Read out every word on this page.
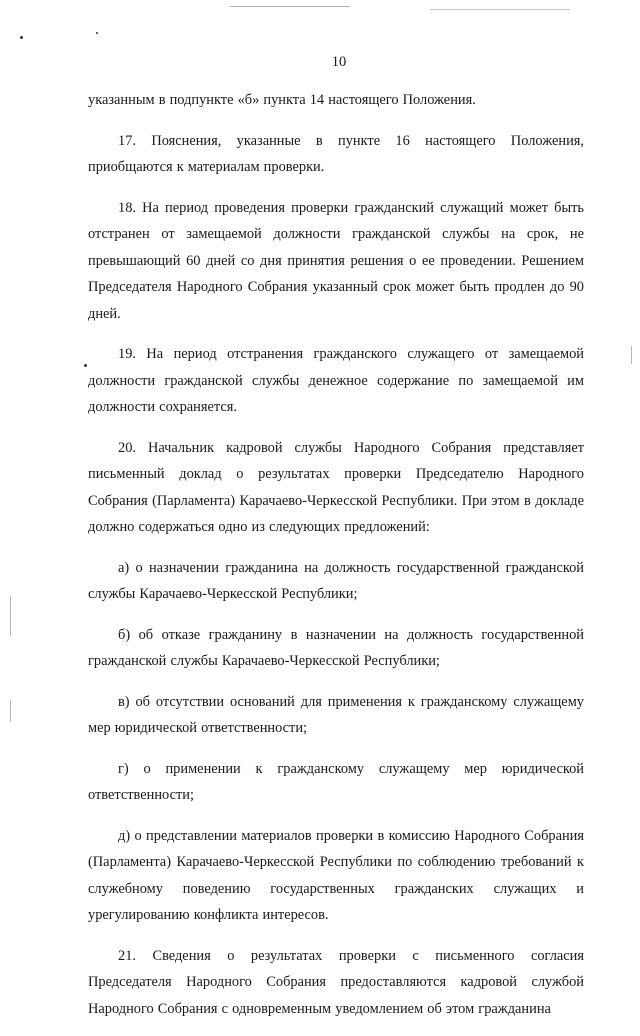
10

указанным в подпункте «б» пункта 14 настоящего Положения.

17. Пояснения, указанные в пункте 16 настоящего Положения, приобщаются к материалам проверки.

18. На период проведения проверки гражданский служащий может быть отстранен от замещаемой должности гражданской службы на срок, не превышающий 60 дней со дня принятия решения о ее проведении. Решением Председателя Народного Собрания указанный срок может быть продлен до 90 дней.

19. На период отстранения гражданского служащего от замещаемой должности гражданской службы денежное содержание по замещаемой им должности сохраняется.

20. Начальник кадровой службы Народного Собрания представляет письменный доклад о результатах проверки Председателю Народного Собрания (Парламента) Карачаево-Черкесской Республики. При этом в докладе должно содержаться одно из следующих предложений:

а) о назначении гражданина на должность государственной гражданской службы Карачаево-Черкесской Республики;

б) об отказе гражданину в назначении на должность государственной гражданской службы Карачаево-Черкесской Республики;

в) об отсутствии оснований для применения к гражданскому служащему мер юридической ответственности;

г) о применении к гражданскому служащему мер юридической ответственности;

д) о представлении материалов проверки в комиссию Народного Собрания (Парламента) Карачаево-Черкесской Республики по соблюдению требований к служебному поведению государственных гражданских служащих и урегулированию конфликта интересов.

21. Сведения о результатах проверки с письменного согласия Председателя Народного Собрания предоставляются кадровой службой Народного Собрания с одновременным уведомлением об этом гражданина
